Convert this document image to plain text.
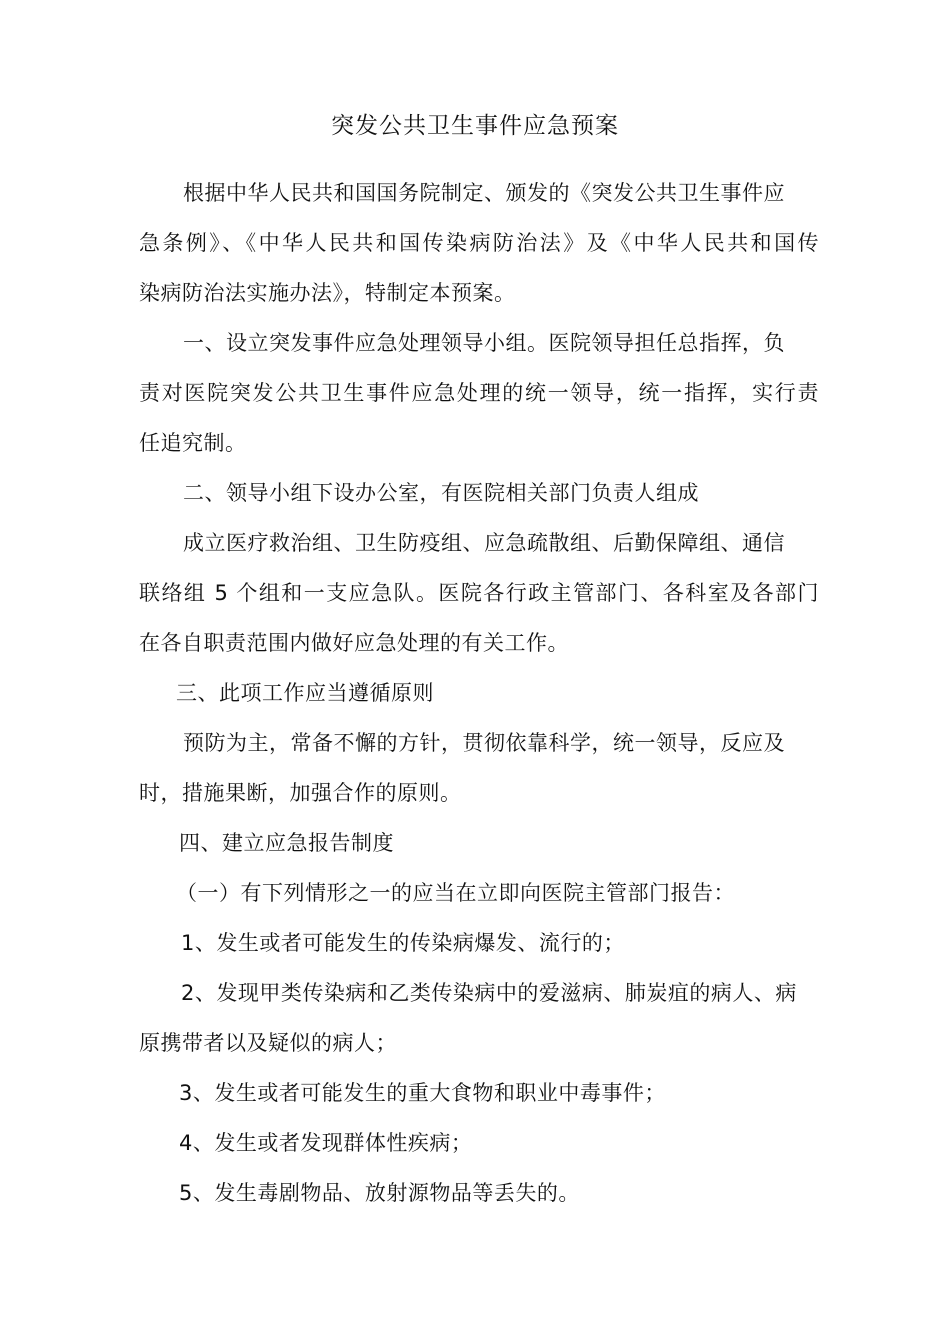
突发公共卫生事件应急预案
根据中华人民共和国国务院制定、颁发的《突发公共卫生事件应
急条例》、《中华人民共和国传染病防治法》及《中华人民共和国传
染病防治法实施办法》，特制定本预案。
一、设立突发事件应急处理领导小组。医院领导担任总指挥，负
责对医院突发公共卫生事件应急处理的统一领导，统一指挥，实行责
任追究制。
二、领导小组下设办公室，有医院相关部门负责人组成
成立医疗救治组、卫生防疫组、应急疏散组、后勤保障组、通信
联络组 5 个组和一支应急队。医院各行政主管部门、各科室及各部门
在各自职责范围内做好应急处理的有关工作。
三、此项工作应当遵循原则
预防为主，常备不懈的方针，贯彻依靠科学，统一领导，反应及
时，措施果断，加强合作的原则。
四、建立应急报告制度
（一）有下列情形之一的应当在立即向医院主管部门报告：
1、发生或者可能发生的传染病爆发、流行的；
2、发现甲类传染病和乙类传染病中的爱滋病、肺炭疽的病人、病
原携带者以及疑似的病人；
3、发生或者可能发生的重大食物和职业中毒事件；
4、发生或者发现群体性疾病；
5、发生毒剧物品、放射源物品等丢失的。
